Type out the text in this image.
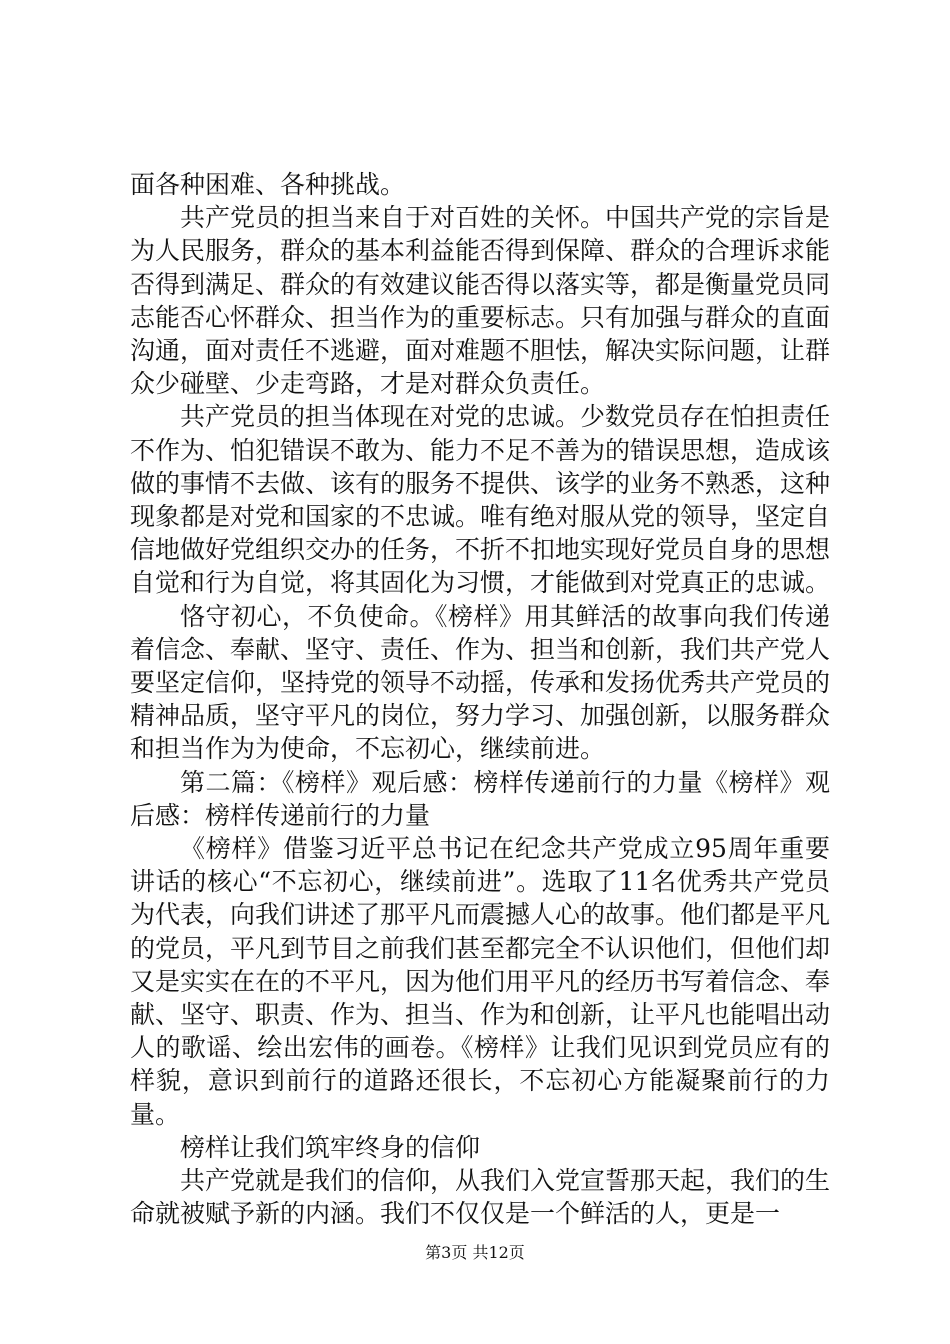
面各种困难、各种挑战。

共产党员的担当来自于对百姓的关怀。中国共产党的宗旨是为人民服务，群众的基本利益能否得到保障、群众的合理诉求能否得到满足、群众的有效建议能否得以落实等，都是衡量党员同志能否心怀群众、担当作为的重要标志。只有加强与群众的直面沟通，面对责任不逃避，面对难题不胆怯，解决实际问题，让群众少碰壁、少走弯路，才是对群众负责任。

共产党员的担当体现在对党的忠诚。少数党员存在怕担责任不作为、怕犯错误不敢为、能力不足不善为的错误思想，造成该做的事情不去做、该有的服务不提供、该学的业务不熟悉，这种现象都是对党和国家的不忠诚。唯有绝对服从党的领导，坚定自信地做好党组织交办的任务，不折不扣地实现好党员自身的思想自觉和行为自觉，将其固化为习惯，才能做到对党真正的忠诚。

恪守初心，不负使命。《榜样》用其鲜活的故事向我们传递着信念、奉献、坚守、责任、作为、担当和创新，我们共产党人要坚定信仰，坚持党的领导不动摇，传承和发扬优秀共产党员的精神品质，坚守平凡的岗位，努力学习、加强创新，以服务群众和担当作为为使命，不忘初心，继续前进。

第二篇：《榜样》观后感：榜样传递前行的力量《榜样》观后感：榜样传递前行的力量

《榜样》借鉴习近平总书记在纪念共产党成立95周年重要讲话的核心“不忘初心，继续前进”。选取了11名优秀共产党员为代表，向我们讲述了那平凡而震撼人心的故事。他们都是平凡的党员，平凡到节目之前我们甚至都完全不认识他们，但他们却又是实实在在的不平凡，因为他们用平凡的经历书写着信念、奉献、坚守、职责、作为、担当、作为和创新，让平凡也能唱出动人的歌谣、绘出宏伟的画卷。《榜样》让我们见识到党员应有的样貌，意识到前行的道路还很长，不忘初心方能凝聚前行的力量。

榜样让我们筑牢终身的信仰

共产党就是我们的信仰，从我们入党宣誓那天起，我们的生命就被赋予新的内涵。我们不仅仅是一个鲜活的人，更是一

第3页 共12页
